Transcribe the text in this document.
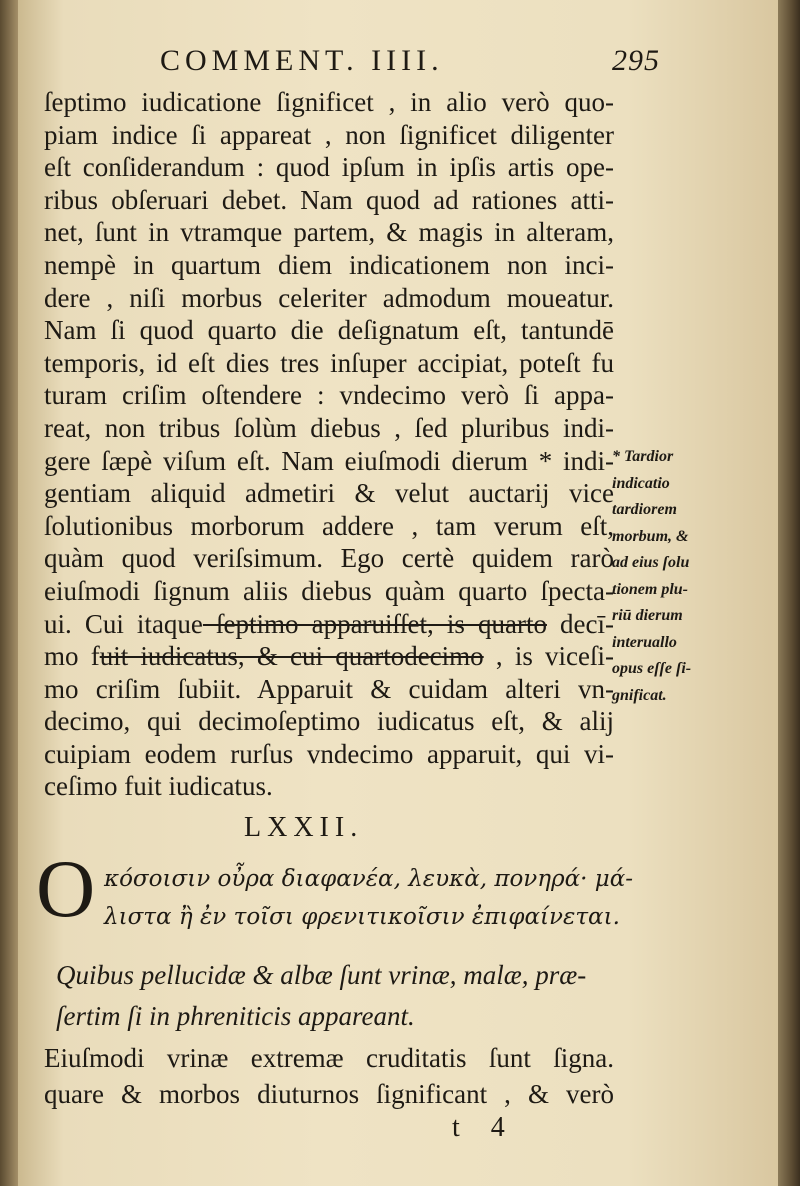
COMMENT. IIII.	295
ſeptimo iudicatione ſignificet , in alio verò quo-
piam indice ſi appareat , non ſignificet diligenter
eſt conſiderandum : quod ipſum in ipſis artis ope-
ribus obſeruari debet. Nam quod ad rationes atti-
net, ſunt in vtramque partem, & magis in alteram,
nempè in quartum diem indicationem non inci-
dere , niſi morbus celeriter admodum moueatur.
Nam ſi quod quarto die deſignatum eſt, tantundē
temporis, id eſt dies tres inſuper accipiat, poteſt fu
turam criſim oſtendere : vndecimo verò ſi appa-
reat, non tribus ſolùm diebus , ſed pluribus indi-
gere ſæpè viſum eſt. Nam eiuſmodi dierum * indi-
gentiam aliquid admetiri & velut auctarij vice
ſolutionibus morborum addere , tam verum eſt,
quàm quod veriſsimum. Ego certè quidem rarò
eiuſmodi ſignum aliis diebus quàm quarto ſpecta-
ui. Cui itaque ſeptimo apparuiſſet, is quarto decī-
mo fuit iudicatus, & cui quartodecimo , is viceſi-
mo criſim ſubiit. Apparuit & cuidam alteri vn-
decimo, qui decimoſeptimo iudicatus eſt, & alij
cuipiam eodem rurſus vndecimo apparuit, qui vi-
ceſimo fuit iudicatus.
* Tardior
indicatio
tardiorem
morbum, &
ad eius ſolu
tionem plu-
riū dierum
interuallo
opus eſſe ſi-
gnificat.
LXXII.
O κόσοισιν οὖρα διαφανέα, λευκὰ, πονηρά· μά-
λιστα ἢ ἐν τοῖσι φρενιτικοῖσιν ἐπιφαίνεται.
Quibus pellucidæ & albæ ſunt vrinæ, malæ, præ-
ſertim ſi in phreniticis appareant.
Eiuſmodi vrinæ extremæ cruditatis ſunt ſigna.
quare & morbos diuturnos ſignificant , & verò
t 4
